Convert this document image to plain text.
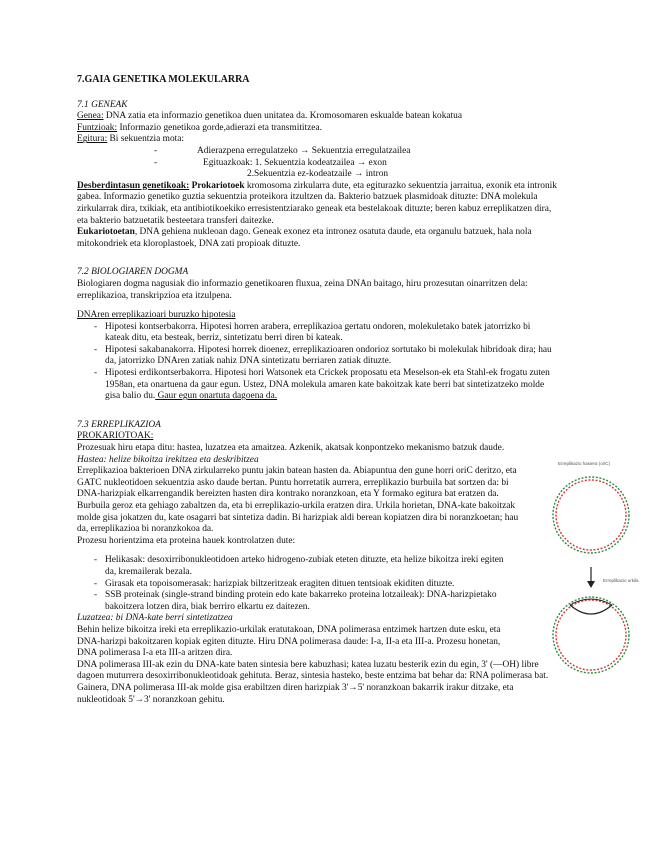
7.GAIA GENETIKA MOLEKULARRA
7.1 GENEAK
Genea: DNA zatia eta informazio genetikoa duen unitatea da. Kromosomaren eskualde batean kokatua
Funtzioak: Informazio genetikoa gorde,adierazi eta transmititzea.
Egitura: Bi sekuentzia mota:
-	Adierazpena erregulatzeko → Sekuentzia erregulatzailea
-	Egituazkoak: 1. Sekuentzia kodeatzailea → exon
2.Sekuentzia ez-kodeatzaile → intron
Desberdintasun genetikoak: Prokariotoek kromosoma zirkularra dute, eta egiturazko sekuentzia jarraitua, exonik eta intronik
gabea. Informazio genetiko guztia sekuentzia proteikora itzultzen da. Bakterio batzuek plasmidoak dituzte: DNA molekula
zirkularrak dira, txikiak, eta antibiotikoekiko erresistentziarako geneak eta bestelakoak dituzte; beren kabuz erreplikatzen dira,
eta bakterio batzuetatik besteetara transferi daitezke.
Eukariotoetan, DNA gehiena nukleoan dago. Geneak exonez eta intronez osatuta daude, eta organulu batzuek, hala nola
mitokondriek eta kloroplastoek, DNA zati propioak dituzte.
7.2 BIOLOGIAREN DOGMA
Biologiaren dogma nagusiak dio informazio genetikoaren fluxua, zeina DNAn baitago, hiru prozesutan oinarritzen dela:
erreplikazioa, transkripzioa eta itzulpena.
DNAren erreplikazioari buruzko hipotesia
- Hipotesi kontserbakorra. Hipotesi horren arabera, erreplikazioa gertatu ondoren, molekuletako batek jatorrizko bi
kateak ditu, eta besteak, berriz, sintetizatu berri diren bi kateak.
- Hipotesi sakabanakorra. Hipotesi horrek dioenez, erreplikazioaren ondorioz sortutako bi molekulak hibridoak dira; hau
da, jatorrizko DNAren zatiak nahiz DNA sintetizatu berriaren zatiak dituzte.
- Hipotesi erdikontserbakorra. Hipotesi hori Watsonek eta Crickek proposatu eta Meselson-ek eta Stahl-ek frogatu zuten
1958an, eta onartuena da gaur egun. Ustez, DNA molekula amaren kate bakoitzak kate berri bat sintetizatzeko molde
gisa balio du. Gaur egun onartuta dagoena da.
7.3 ERREPLIKAZIOA
PROKARIOTOAK:
Prozesuak hiru etapa ditu: hastea, luzatzea eta amaitzea. Azkenik, akatsak konpontzeko mekanismo batzuk daude.
Hastea: helize bikoitza irekitzea eta deskribitzea
Erreplikazioa bakterioen DNA zirkularreko puntu jakin batean hasten da. Abiapuntua den gune horri oriC deritzo, eta
GATC nukleotidoen sekuentzia asko daude bertan. Puntu horretatik aurrera, erreplikazio burbuila bat sortzen da: bi
DNA-harizpiak elkarrengandik bereizten hasten dira kontrako noranzkoan, eta Y formako egitura bat eratzen da.
Burbuila geroz eta gehiago zabaltzen da, eta bi erreplikazio-urkila eratzen dira. Urkila horietan, DNA-kate bakoitzak
molde gisa jokatzen du, kate osagarri bat sintetiza dadin. Bi harizpiak aldi berean kopiatzen dira bi noranzkoetan; hau
da, erreplikazioa bi noranzkokoa da.
Prozesu horientzima eta proteina hauek kontrolatzen dute:
- Helikasak: desoxirribonukleotidoen arteko hidrogeno-zubiak eteten dituzte, eta helize bikoitza ireki egiten
da, kremailerak bezala.
- Girasak eta topoisomerasak: harizpiak biltzeritzeak eragiten dituen tentsioak ekiditen dituzte.
- SSB proteinak (single-strand binding protein edo kate bakarreko proteina lotzaileak): DNA-harizpietako
bakoitzera lotzen dira, biak berriro elkartu ez daitezen.
Luzatzea: bi DNA-kate berri sintetizatzea
Behin helize bikoitza ireki eta erreplikazio-urkilak eratutakoan, DNA polimerasa entzimek hartzen dute esku, eta
DNA-harizpi bakoitzaren kopiak egiten dituzte. Hiru DNA polimerasa daude: I-a, II-a eta III-a. Prozesu honetan,
DNA polimerasa I-a eta III-a aritzen dira.
DNA polimerasa III-ak ezin du DNA-kate baten sintesia bere kabuzhasi; katea luzatu besterik ezin du egin, 3' (—OH) libre
dagoen muturrera desoxirribonukleotidoak gehituta. Beraz, sintesia hasteko, beste entzima bat behar da: RNA polimerasa bat.
Gainera, DNA polimerasa III-ak molde gisa erabiltzen diren harizpiak 3'→5' noranzkoan bakarrik irakur ditzake, eta
nukleotidoak 5'→3' noranzkoan gehitu.
Erreplikazio hasiera (oriC)
Erreplikazio urkila
